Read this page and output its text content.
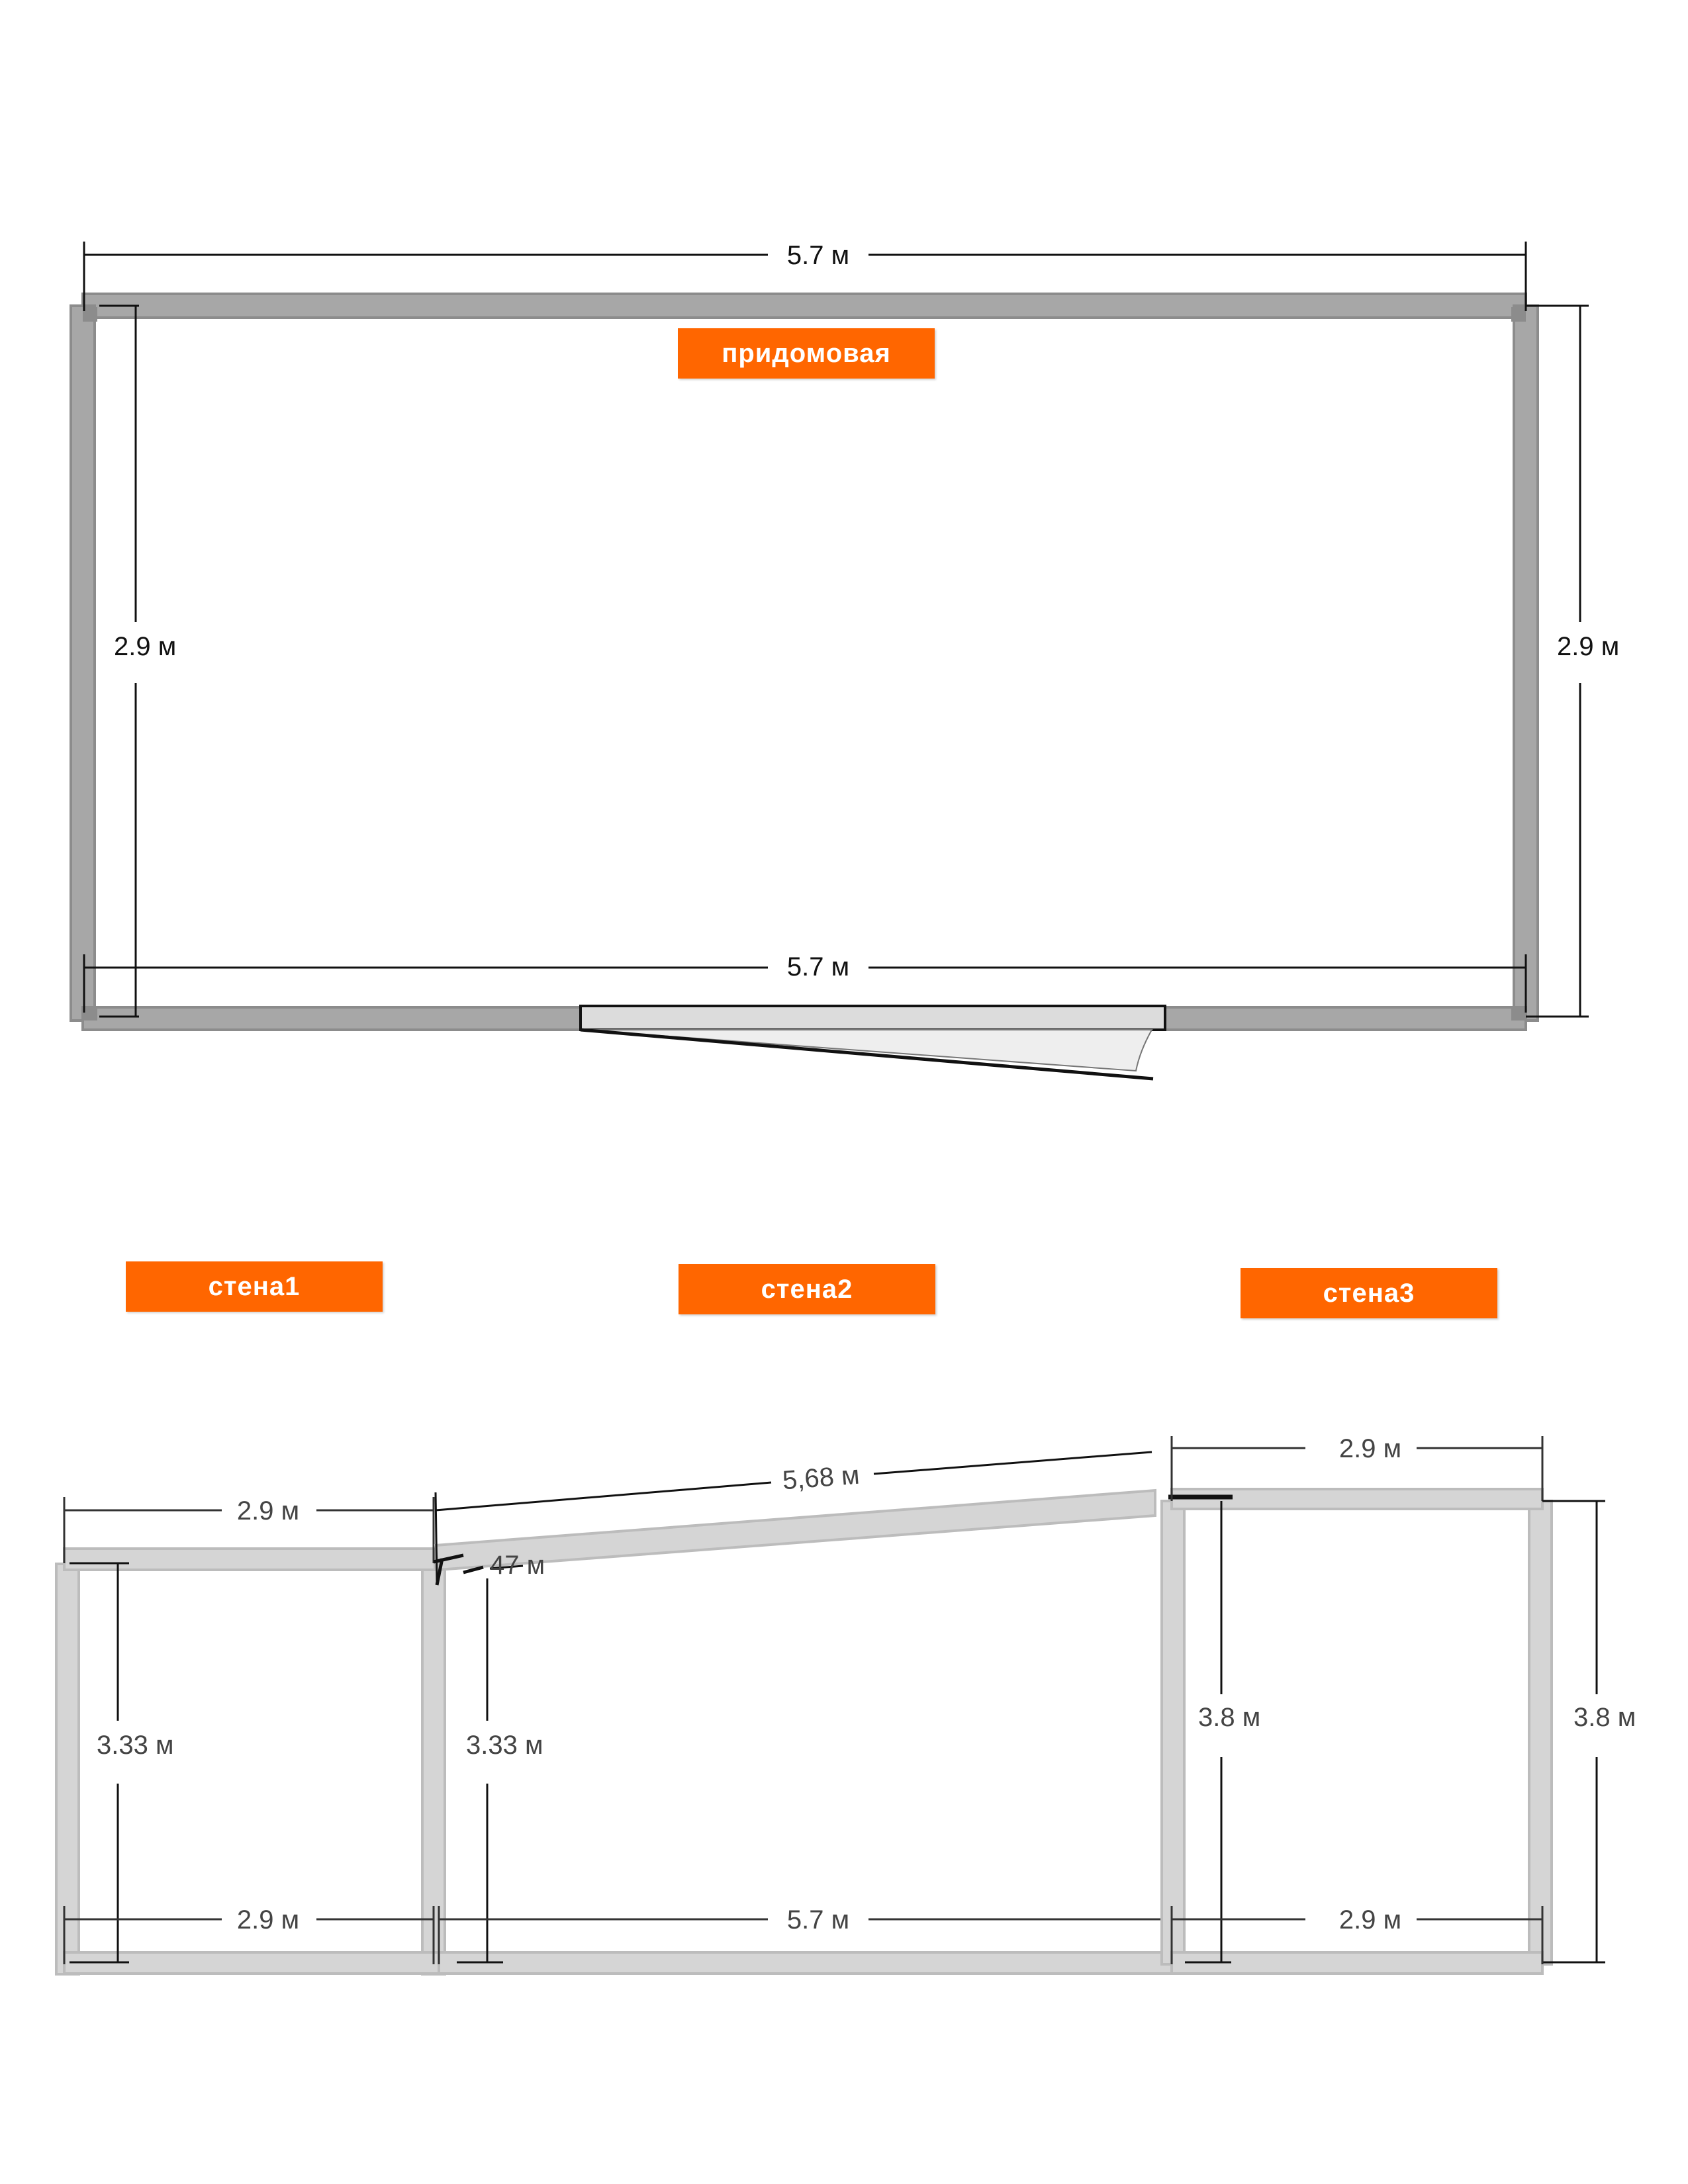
5.7 м
5.7 м
2.9 м	2.9 м
2.9 м
3.33 м
2.9 м
5,68 м
47 м
3.33 м
5.7 м
2.9 м
3.8 м	3.8 м
2.9 м
придомовая
стена1	стена2	стена3
